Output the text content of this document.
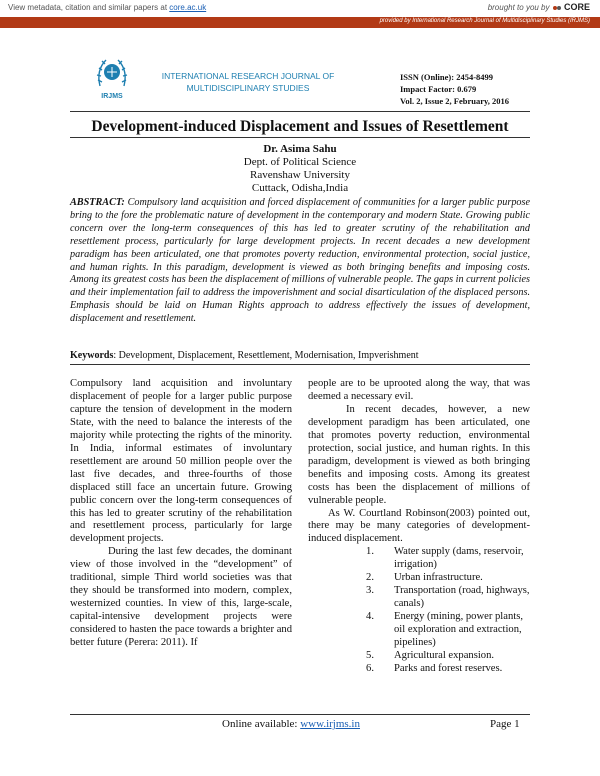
View metadata, citation and similar papers at core.ac.uk	brought to you by CORE
provided by International Research Journal of Multidisciplinary Studies (IRJMS)
IRJMS
INTERNATIONAL RESEARCH JOURNAL OF
MULTIDISCIPLINARY STUDIES
ISSN (Online): 2454-8499
Impact Factor: 0.679
Vol. 2, Issue 2, February, 2016
Development-induced Displacement and Issues of Resettlement
Dr. Asima Sahu
Dept. of Political Science
Ravenshaw University
Cuttack, Odisha,India
ABSTRACT: Compulsory land acquisition and forced displacement of communities for a larger public purpose bring to the fore the problematic nature of development in the contemporary and modern State. Growing public concern over the long-term consequences of this has led to greater scrutiny of the rehabilitation and resettlement process, particularly for large development projects. In recent decades a new development paradigm has been articulated, one that promotes poverty reduction, environmental protection, social justice, and human rights. In this paradigm, development is viewed as both bringing benefits and imposing costs. Among its greatest costs has been the displacement of millions of vulnerable people. The gaps in current policies and their implementation fail to address the impoverishment and social disarticulation of the displaced persons. Emphasis should be laid on Human Rights approach to address effectively the issues of development, displacement and resettlement.
Keywords: Development, Displacement, Resettlement, Modernisation, Impverishment

Compulsory land acquisition and involuntary displacement of people for a larger public purpose capture the tension of development in the modern State, with the need to balance the interests of the majority while protecting the rights of the minority. In India, informal estimates of involuntary resettlement are around 50 million people over the last five decades, and three-fourths of those displaced still face an uncertain future. Growing public concern over the long-term consequences of this has led to greater scrutiny of the rehabilitation and resettlement process, particularly for large development projects.

During the last few decades, the dominant view of those involved in the “development” of traditional, simple Third world societies was that they should be transformed into modern, complex, westernized counties. In view of this, large-scale, capital-intensive development projects were considered to hasten the pace towards a brighter and better future (Perera: 2011). If

people are to be uprooted along the way, that was deemed a necessary evil.

In recent decades, however, a new development paradigm has been articulated, one that promotes poverty reduction, environmental protection, social justice, and human rights. In this paradigm, development is viewed as both bringing benefits and imposing costs. Among its greatest costs has been the displacement of millions of vulnerable people.

As W. Courtland Robinson(2003) pointed out, there may be many categories of development-induced displacement.

1.	Water supply (dams, reservoir, irrigation)
2.	Urban infrastructure.
3.	Transportation (road, highways, canals)
4.	Energy (mining, power plants, oil exploration and extraction, pipelines)
5.	Agricultural expansion.
6.	Parks and forest reserves.
Online available: www.irjms.in	Page 1
